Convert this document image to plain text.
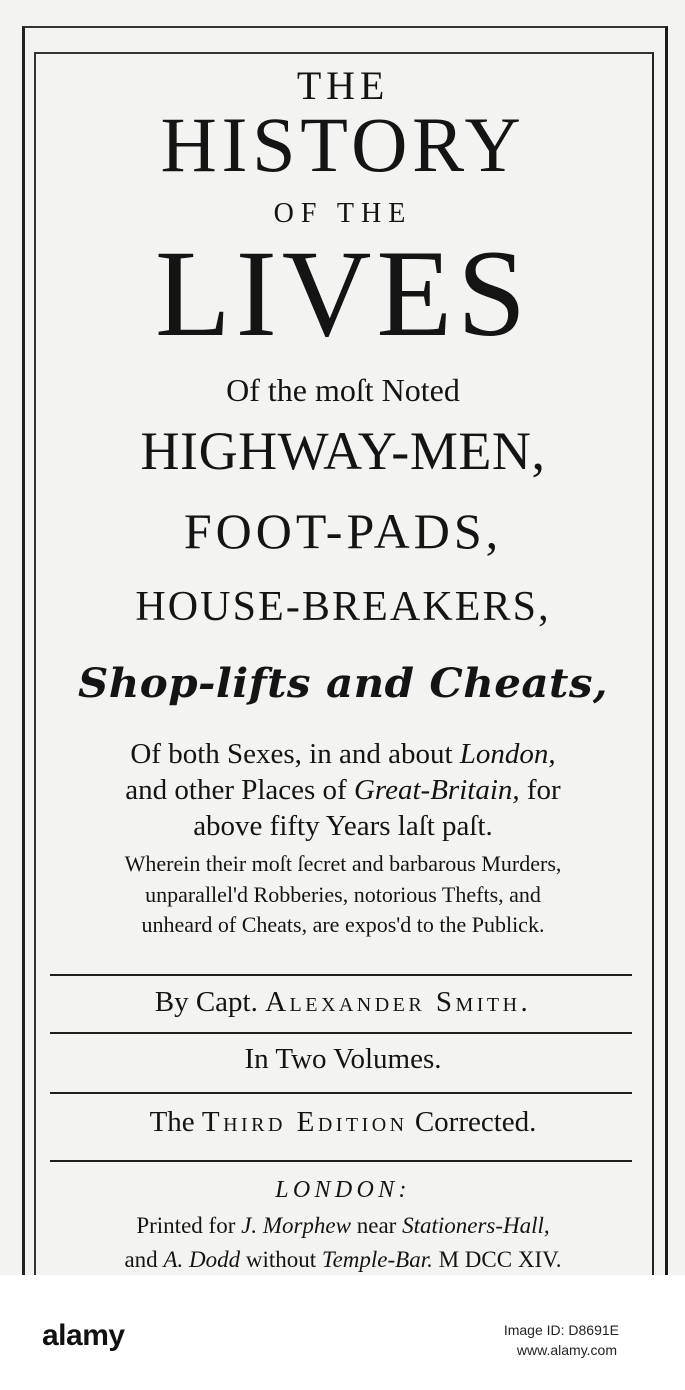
THE
HISTORY
OF THE
LIVES
Of the moſt Noted
HIGHWAY-MEN,
FOOT-PADS,
HOUSE-BREAKERS,
Shop-lifts and Cheats,
Of both Sexes, in and about London,
and other Places of Great-Britain, for
above fifty Years laſt paſt.
Wherein their moſt ſecret and barbarous Murders,
unparallel'd Robberies, notorious Thefts, and
unheard of Cheats, are expos'd to the Publick.
By Capt. Alexander Smith.
In Two Volumes.
The Third Edition Corrected.
LONDON:
Printed for J. Morphew near Stationers-Hall,
and A. Dodd without Temple-Bar. M DCC XIV.
alamy	Image ID: D8691E
www.alamy.com
